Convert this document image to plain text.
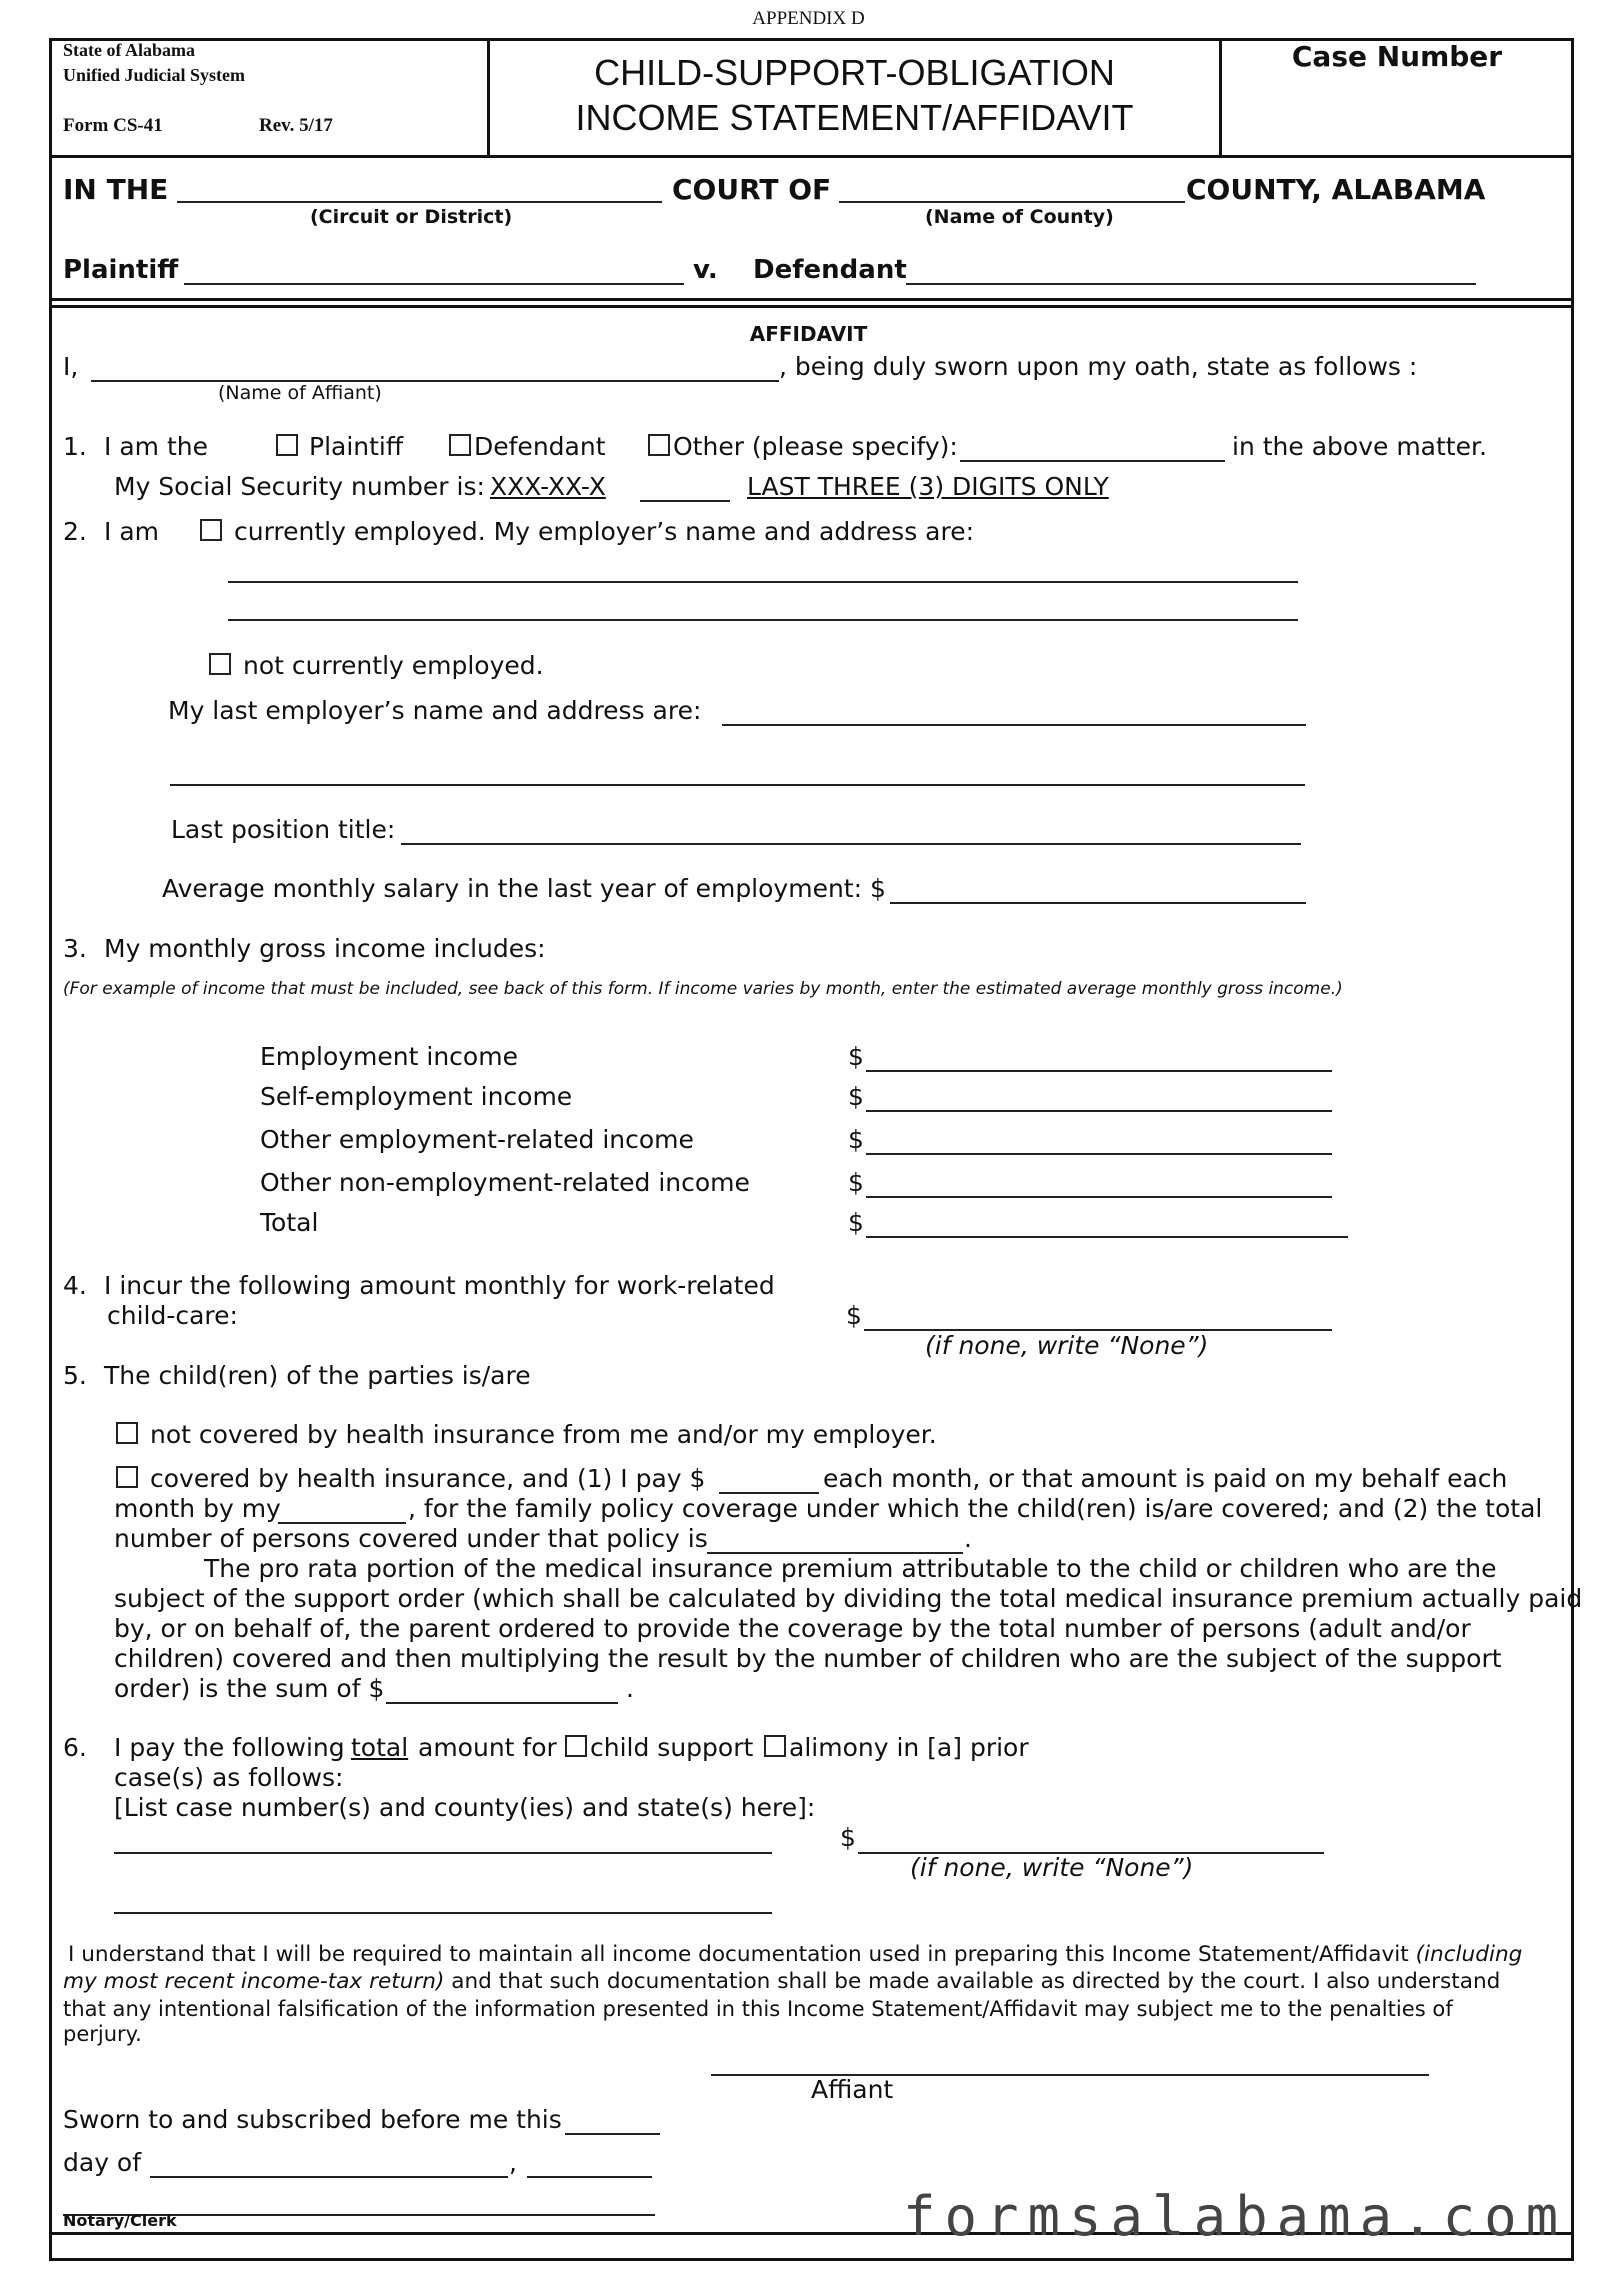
APPENDIX D
State of Alabama
Unified Judicial System
Form CS-41	Rev. 5/17
CHILD-SUPPORT-OBLIGATION
INCOME STATEMENT/AFFIDAVIT
Case Number
IN THE	COURT OF	COUNTY, ALABAMA
(Circuit or District)	(Name of County)
Plaintiff	v. Defendant
AFFIDAVIT
I,	, being duly sworn upon my oath, state as follows :
(Name of Affiant)
1. I am the	Plaintiff	Defendant	Other (please specify):	in the above matter.
My Social Security number is: XXX-XX-X	LAST THREE (3) DIGITS ONLY
2. I am	currently employed. My employer’s name and address are:
not currently employed.
My last employer’s name and address are:
Last position title:
Average monthly salary in the last year of employment: $
3. My monthly gross income includes:
(For example of income that must be included, see back of this form. If income varies by month, enter the estimated average monthly gross income.)
Employment income	$
Self-employment income	$
Other employment-related income	$
Other non-employment-related income	$
Total	$
4. I incur the following amount monthly for work-related
child-care:	$
(if none, write “None”)
5. The child(ren) of the parties is/are
not covered by health insurance from me and/or my employer.
covered by health insurance, and (1) I pay $	each month, or that amount is paid on my behalf each
month by my	, for the family policy coverage under which the child(ren) is/are covered; and (2) the total
number of persons covered under that policy is	.
The pro rata portion of the medical insurance premium attributable to the child or children who are the
subject of the support order (which shall be calculated by dividing the total medical insurance premium actually paid
by, or on behalf of, the parent ordered to provide the coverage by the total number of persons (adult and/or
children) covered and then multiplying the result by the number of children who are the subject of the support
order) is the sum of $	.
6. I pay the following total amount for child support alimony in [a] prior
case(s) as follows:
[List case number(s) and county(ies) and state(s) here]:
$
(if none, write “None”)
I understand that I will be required to maintain all income documentation used in preparing this Income Statement/Affidavit (including
my most recent income-tax return) and that such documentation shall be made available as directed by the court. I also understand
that any intentional falsification of the information presented in this Income Statement/Affidavit may subject me to the penalties of
perjury.
Affiant
Sworn to and subscribed before me this
day of	,
Notary/Clerk	formsalabama.com
